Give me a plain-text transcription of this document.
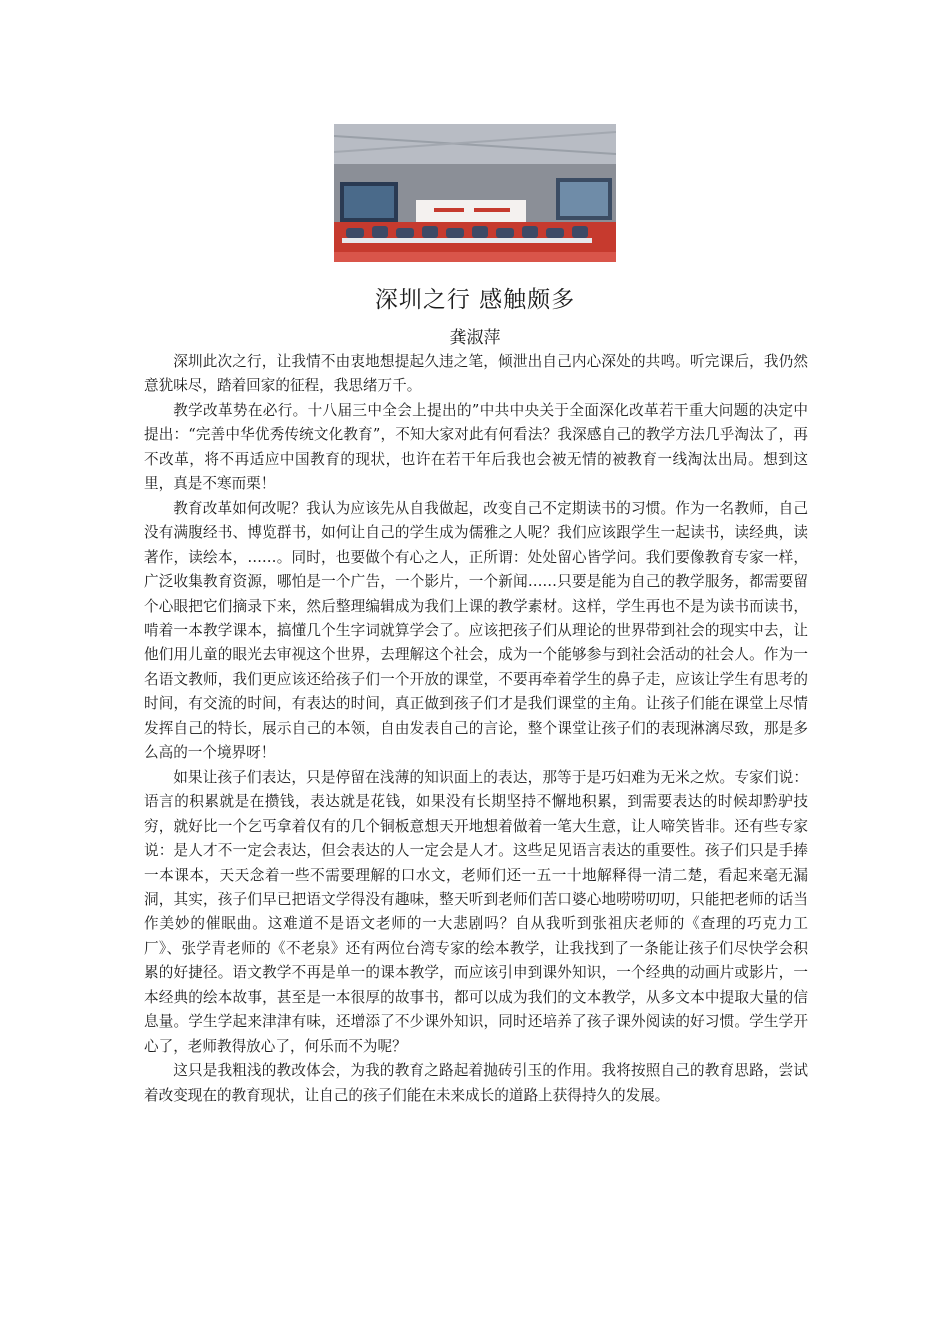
深圳之行 感触颇多
龚淑萍

深圳此次之行，让我情不由衷地想提起久违之笔，倾泄出自己内心深处的共鸣。听完课后，我仍然意犹味尽，踏着回家的征程，我思绪万千。

教学改革势在必行。十八届三中全会上提出的”中共中央关于全面深化改革若干重大问题的决定中提出：“完善中华优秀传统文化教育”，不知大家对此有何看法？我深感自己的教学方法几乎淘汰了，再不改革，将不再适应中国教育的现状，也许在若干年后我也会被无情的被教育一线淘汰出局。想到这里，真是不寒而栗！

教育改革如何改呢？我认为应该先从自我做起，改变自己不定期读书的习惯。作为一名教师，自己没有满腹经书、博览群书，如何让自己的学生成为儒雅之人呢？我们应该跟学生一起读书，读经典，读著作，读绘本，……。同时，也要做个有心之人，正所谓：处处留心皆学问。我们要像教育专家一样，广泛收集教育资源，哪怕是一个广告，一个影片，一个新闻……只要是能为自己的教学服务，都需要留个心眼把它们摘录下来，然后整理编辑成为我们上课的教学素材。这样，学生再也不是为读书而读书，啃着一本教学课本，搞懂几个生字词就算学会了。应该把孩子们从理论的世界带到社会的现实中去，让他们用儿童的眼光去审视这个世界，去理解这个社会，成为一个能够参与到社会活动的社会人。作为一名语文教师，我们更应该还给孩子们一个开放的课堂，不要再牵着学生的鼻子走，应该让学生有思考的时间，有交流的时间，有表达的时间，真正做到孩子们才是我们课堂的主角。让孩子们能在课堂上尽情发挥自己的特长，展示自己的本领，自由发表自己的言论，整个课堂让孩子们的表现淋漓尽致，那是多么高的一个境界呀！

如果让孩子们表达，只是停留在浅薄的知识面上的表达，那等于是巧妇难为无米之炊。专家们说：语言的积累就是在攒钱，表达就是花钱，如果没有长期坚持不懈地积累，到需要表达的时候却黔驴技穷，就好比一个乞丐拿着仅有的几个铜板意想天开地想着做着一笔大生意，让人啼笑皆非。还有些专家说：是人才不一定会表达，但会表达的人一定会是人才。这些足见语言表达的重要性。孩子们只是手捧一本课本，天天念着一些不需要理解的口水文，老师们还一五一十地解释得一清二楚，看起来毫无漏洞，其实，孩子们早已把语文学得没有趣味，整天听到老师们苦口婆心地唠唠叨叨，只能把老师的话当作美妙的催眠曲。这难道不是语文老师的一大悲剧吗？自从我听到张祖庆老师的《查理的巧克力工厂》、张学青老师的《不老泉》还有两位台湾专家的绘本教学，让我找到了一条能让孩子们尽快学会积累的好捷径。语文教学不再是单一的课本教学，而应该引申到课外知识，一个经典的动画片或影片，一本经典的绘本故事，甚至是一本很厚的故事书，都可以成为我们的文本教学，从多文本中提取大量的信息量。学生学起来津津有味，还增添了不少课外知识，同时还培养了孩子课外阅读的好习惯。学生学开心了，老师教得放心了，何乐而不为呢？

这只是我粗浅的教改体会，为我的教育之路起着抛砖引玉的作用。我将按照自己的教育思路，尝试着改变现在的教育现状，让自己的孩子们能在未来成长的道路上获得持久的发展。
